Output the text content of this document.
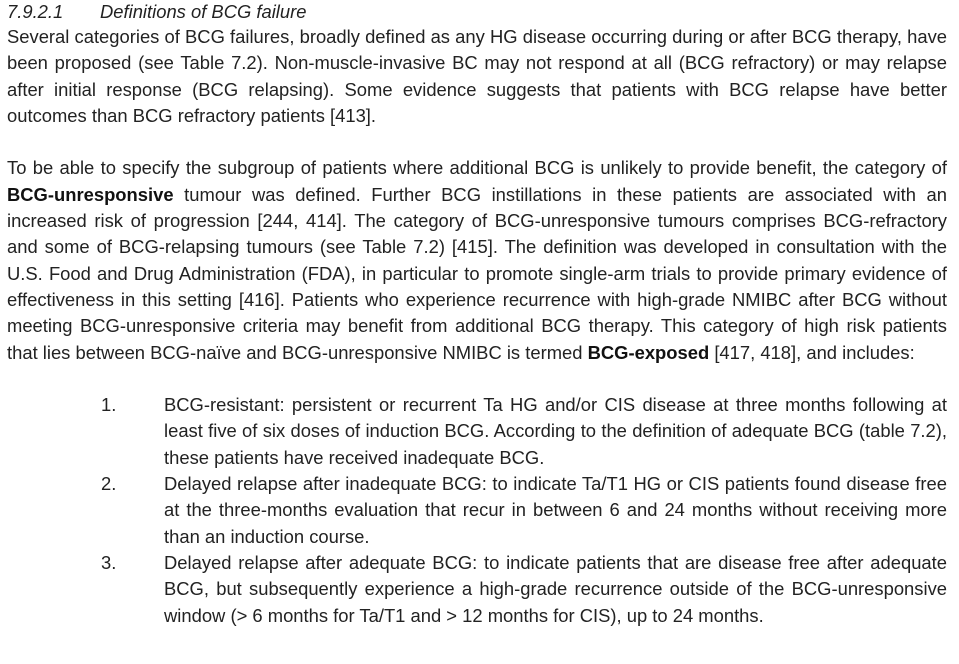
7.9.2.1 Definitions of BCG failure

Several categories of BCG failures, broadly defined as any HG disease occurring during or after BCG therapy, have been proposed (see Table 7.2). Non-muscle-invasive BC may not respond at all (BCG refractory) or may relapse after initial response (BCG relapsing). Some evidence suggests that patients with BCG relapse have better outcomes than BCG refractory patients [413].

To be able to specify the subgroup of patients where additional BCG is unlikely to provide benefit, the category of BCG-unresponsive tumour was defined. Further BCG instillations in these patients are associated with an increased risk of progression [244, 414]. The category of BCG-unresponsive tumours comprises BCG-refractory and some of BCG-relapsing tumours (see Table 7.2) [415]. The definition was developed in consultation with the U.S. Food and Drug Administration (FDA), in particular to promote single-arm trials to provide primary evidence of effectiveness in this setting [416]. Patients who experience recurrence with high-grade NMIBC after BCG without meeting BCG-unresponsive criteria may benefit from additional BCG therapy. This category of high risk patients that lies between BCG-naïve and BCG-unresponsive NMIBC is termed BCG-exposed [417, 418], and includes:

1.	BCG-resistant: persistent or recurrent Ta HG and/or CIS disease at three months following at least five of six doses of induction BCG. According to the definition of adequate BCG (table 7.2), these patients have received inadequate BCG.
2.	Delayed relapse after inadequate BCG: to indicate Ta/T1 HG or CIS patients found disease free at the three-months evaluation that recur in between 6 and 24 months without receiving more than an induction course.
3.	Delayed relapse after adequate BCG: to indicate patients that are disease free after adequate BCG, but subsequently experience a high-grade recurrence outside of the BCG-unresponsive window (> 6 months for Ta/T1 and > 12 months for CIS), up to 24 months.
